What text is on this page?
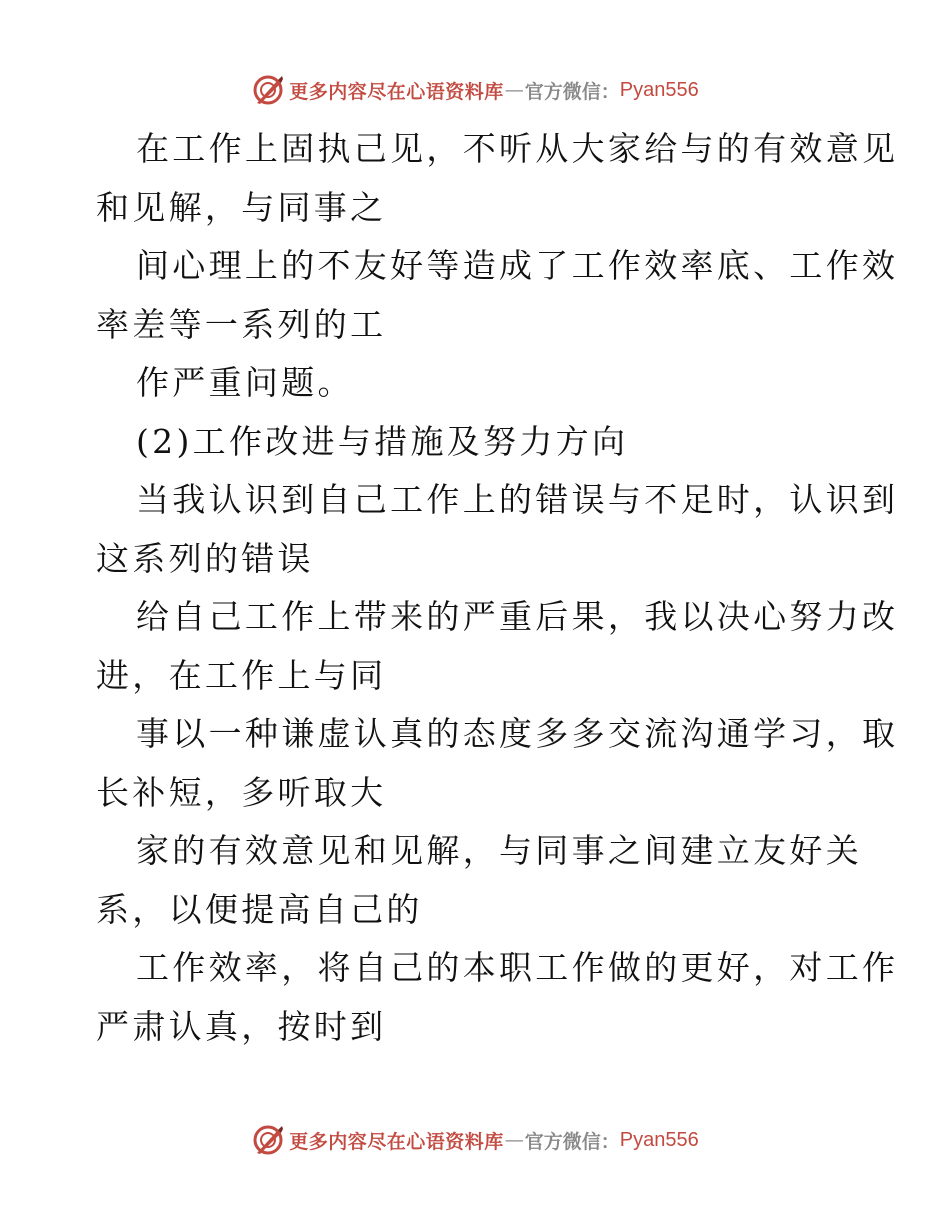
更多内容尽在心语资料库 — 官方微信： Pyan556
在工作上固执己见，不听从大家给与的有效意见
和见解，与同事之
间心理上的不友好等造成了工作效率底、工作效
率差等一系列的工
作严重问题。
(2)工作改进与措施及努力方向
当我认识到自己工作上的错误与不足时，认识到
这系列的错误
给自己工作上带来的严重后果，我以决心努力改
进，在工作上与同
事以一种谦虚认真的态度多多交流沟通学习，取
长补短，多听取大
家的有效意见和见解，与同事之间建立友好关
系，以便提高自己的
工作效率，将自己的本职工作做的更好，对工作
严肃认真，按时到
更多内容尽在心语资料库 — 官方微信： Pyan556
